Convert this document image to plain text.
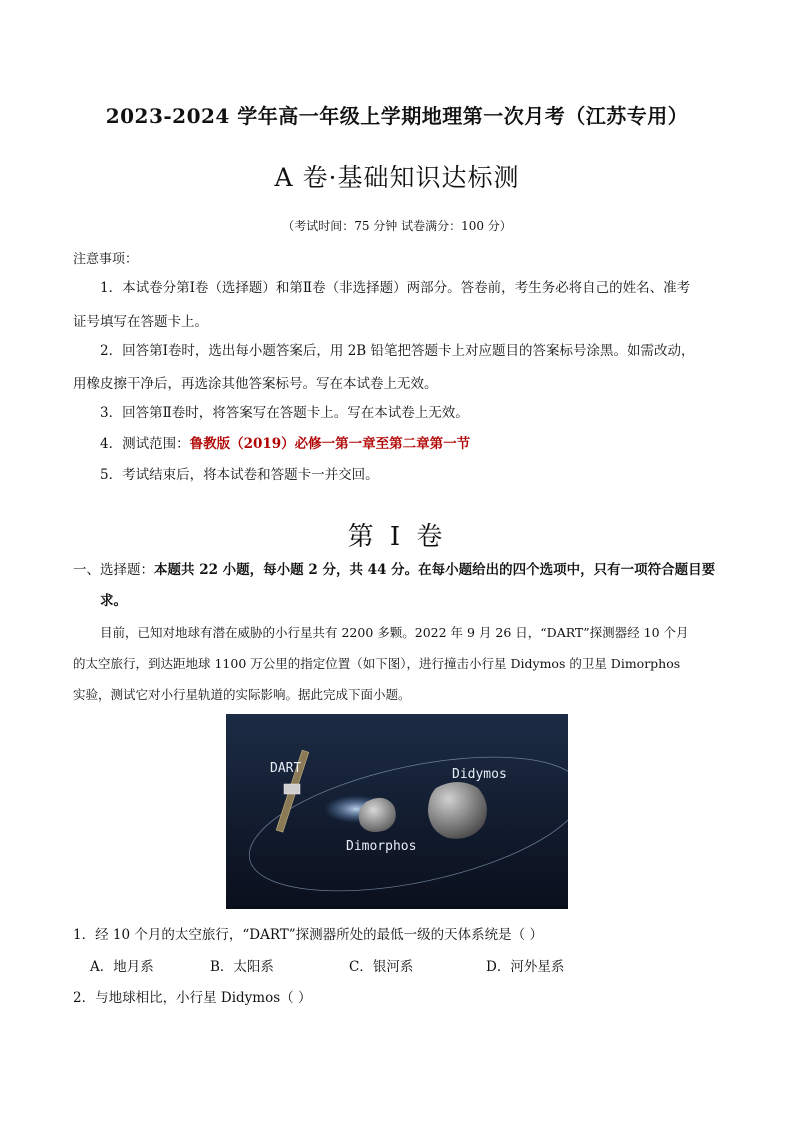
2023-2024 学年高一年级上学期地理第一次月考（江苏专用）
A 卷·基础知识达标测
（考试时间：75 分钟 试卷满分：100 分）
注意事项：
1．本试卷分第Ⅰ卷（选择题）和第Ⅱ卷（非选择题）两部分。答卷前，考生务必将自己的姓名、准考
证号填写在答题卡上。
2．回答第Ⅰ卷时，选出每小题答案后，用 2B 铅笔把答题卡上对应题目的答案标号涂黑。如需改动，
用橡皮擦干净后，再选涂其他答案标号。写在本试卷上无效。
3．回答第Ⅱ卷时，将答案写在答题卡上。写在本试卷上无效。
4．测试范围：鲁教版（2019）必修一第一章至第二章第一节
5．考试结束后，将本试卷和答题卡一并交回。
第 I 卷
一、选择题：本题共 22 小题，每小题 2 分，共 44 分。在每小题给出的四个选项中，只有一项符合题目要
求。
目前，已知对地球有潜在威胁的小行星共有 2200 多颗。2022 年 9 月 26 日，“DART”探测器经 10 个月
的太空旅行，到达距地球 1100 万公里的指定位置（如下图），进行撞击小行星 Didymos 的卫星 Dimorphos
实验，测试它对小行星轨道的实际影响。据此完成下面小题。
DART	Didymos
Dimorphos
1．经 10 个月的太空旅行，“DART”探测器所处的最低一级的天体系统是（ ）
A．地月系	B．太阳系	C．银河系	D．河外星系
2．与地球相比，小行星 Didymos（ ）
